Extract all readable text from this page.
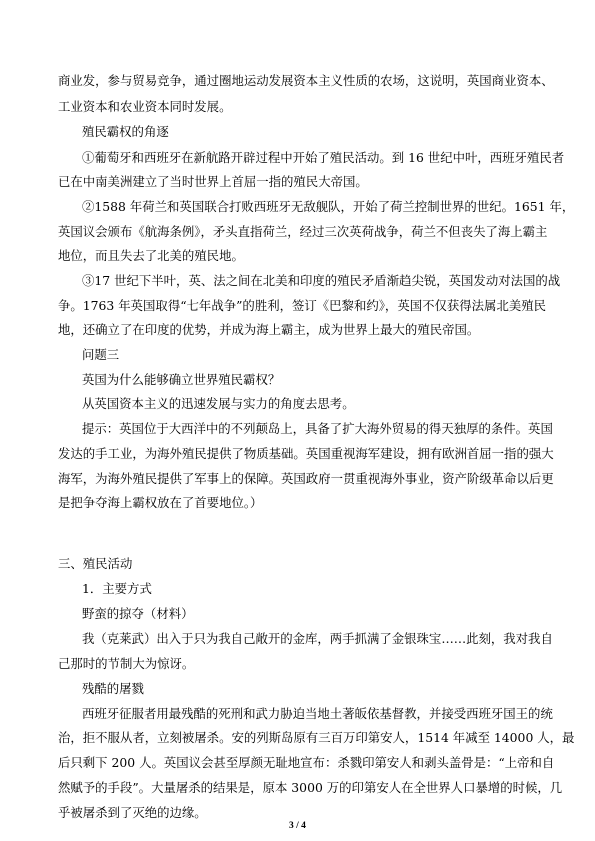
商业发，参与贸易竞争，通过圈地运动发展资本主义性质的农场，这说明，英国商业资本、
工业资本和农业资本同时发展。
殖民霸权的角逐
①葡萄牙和西班牙在新航路开辟过程中开始了殖民活动。到 16 世纪中叶，西班牙殖民者
已在中南美洲建立了当时世界上首屈一指的殖民大帝国。
②1588 年荷兰和英国联合打败西班牙无敌舰队，开始了荷兰控制世界的世纪。1651 年，
英国议会颁布《航海条例》，矛头直指荷兰，经过三次英荷战争，荷兰不但丧失了海上霸主
地位，而且失去了北美的殖民地。
③17 世纪下半叶，英、法之间在北美和印度的殖民矛盾渐趋尖锐，英国发动对法国的战
争。1763 年英国取得“七年战争”的胜利，签订《巴黎和约》，英国不仅获得法属北美殖民
地，还确立了在印度的优势，并成为海上霸主，成为世界上最大的殖民帝国。
问题三
英国为什么能够确立世界殖民霸权？
从英国资本主义的迅速发展与实力的角度去思考。
提示：英国位于大西洋中的不列颠岛上，具备了扩大海外贸易的得天独厚的条件。英国
发达的手工业，为海外殖民提供了物质基础。英国重视海军建设，拥有欧洲首屈一指的强大
海军，为海外殖民提供了军事上的保障。英国政府一贯重视海外事业，资产阶级革命以后更
是把争夺海上霸权放在了首要地位。）
三、殖民活动
1．主要方式
野蛮的掠夺（材料）
我（克莱武）出入于只为我自己敞开的金库，两手抓满了金银珠宝……此刻，我对我自
己那时的节制大为惊讶。
残酷的屠戮
西班牙征服者用最残酷的死刑和武力胁迫当地土著皈依基督教，并接受西班牙国王的统
治，拒不服从者，立刻被屠杀。安的列斯岛原有三百万印第安人，1514 年减至 14000 人，最
后只剩下 200 人。英国议会甚至厚颜无耻地宣布：杀戮印第安人和剥头盖骨是：“上帝和自
然赋予的手段”。大量屠杀的结果是，原本 3000 万的印第安人在全世界人口暴增的时候，几
乎被屠杀到了灭绝的边缘。
3 / 4
